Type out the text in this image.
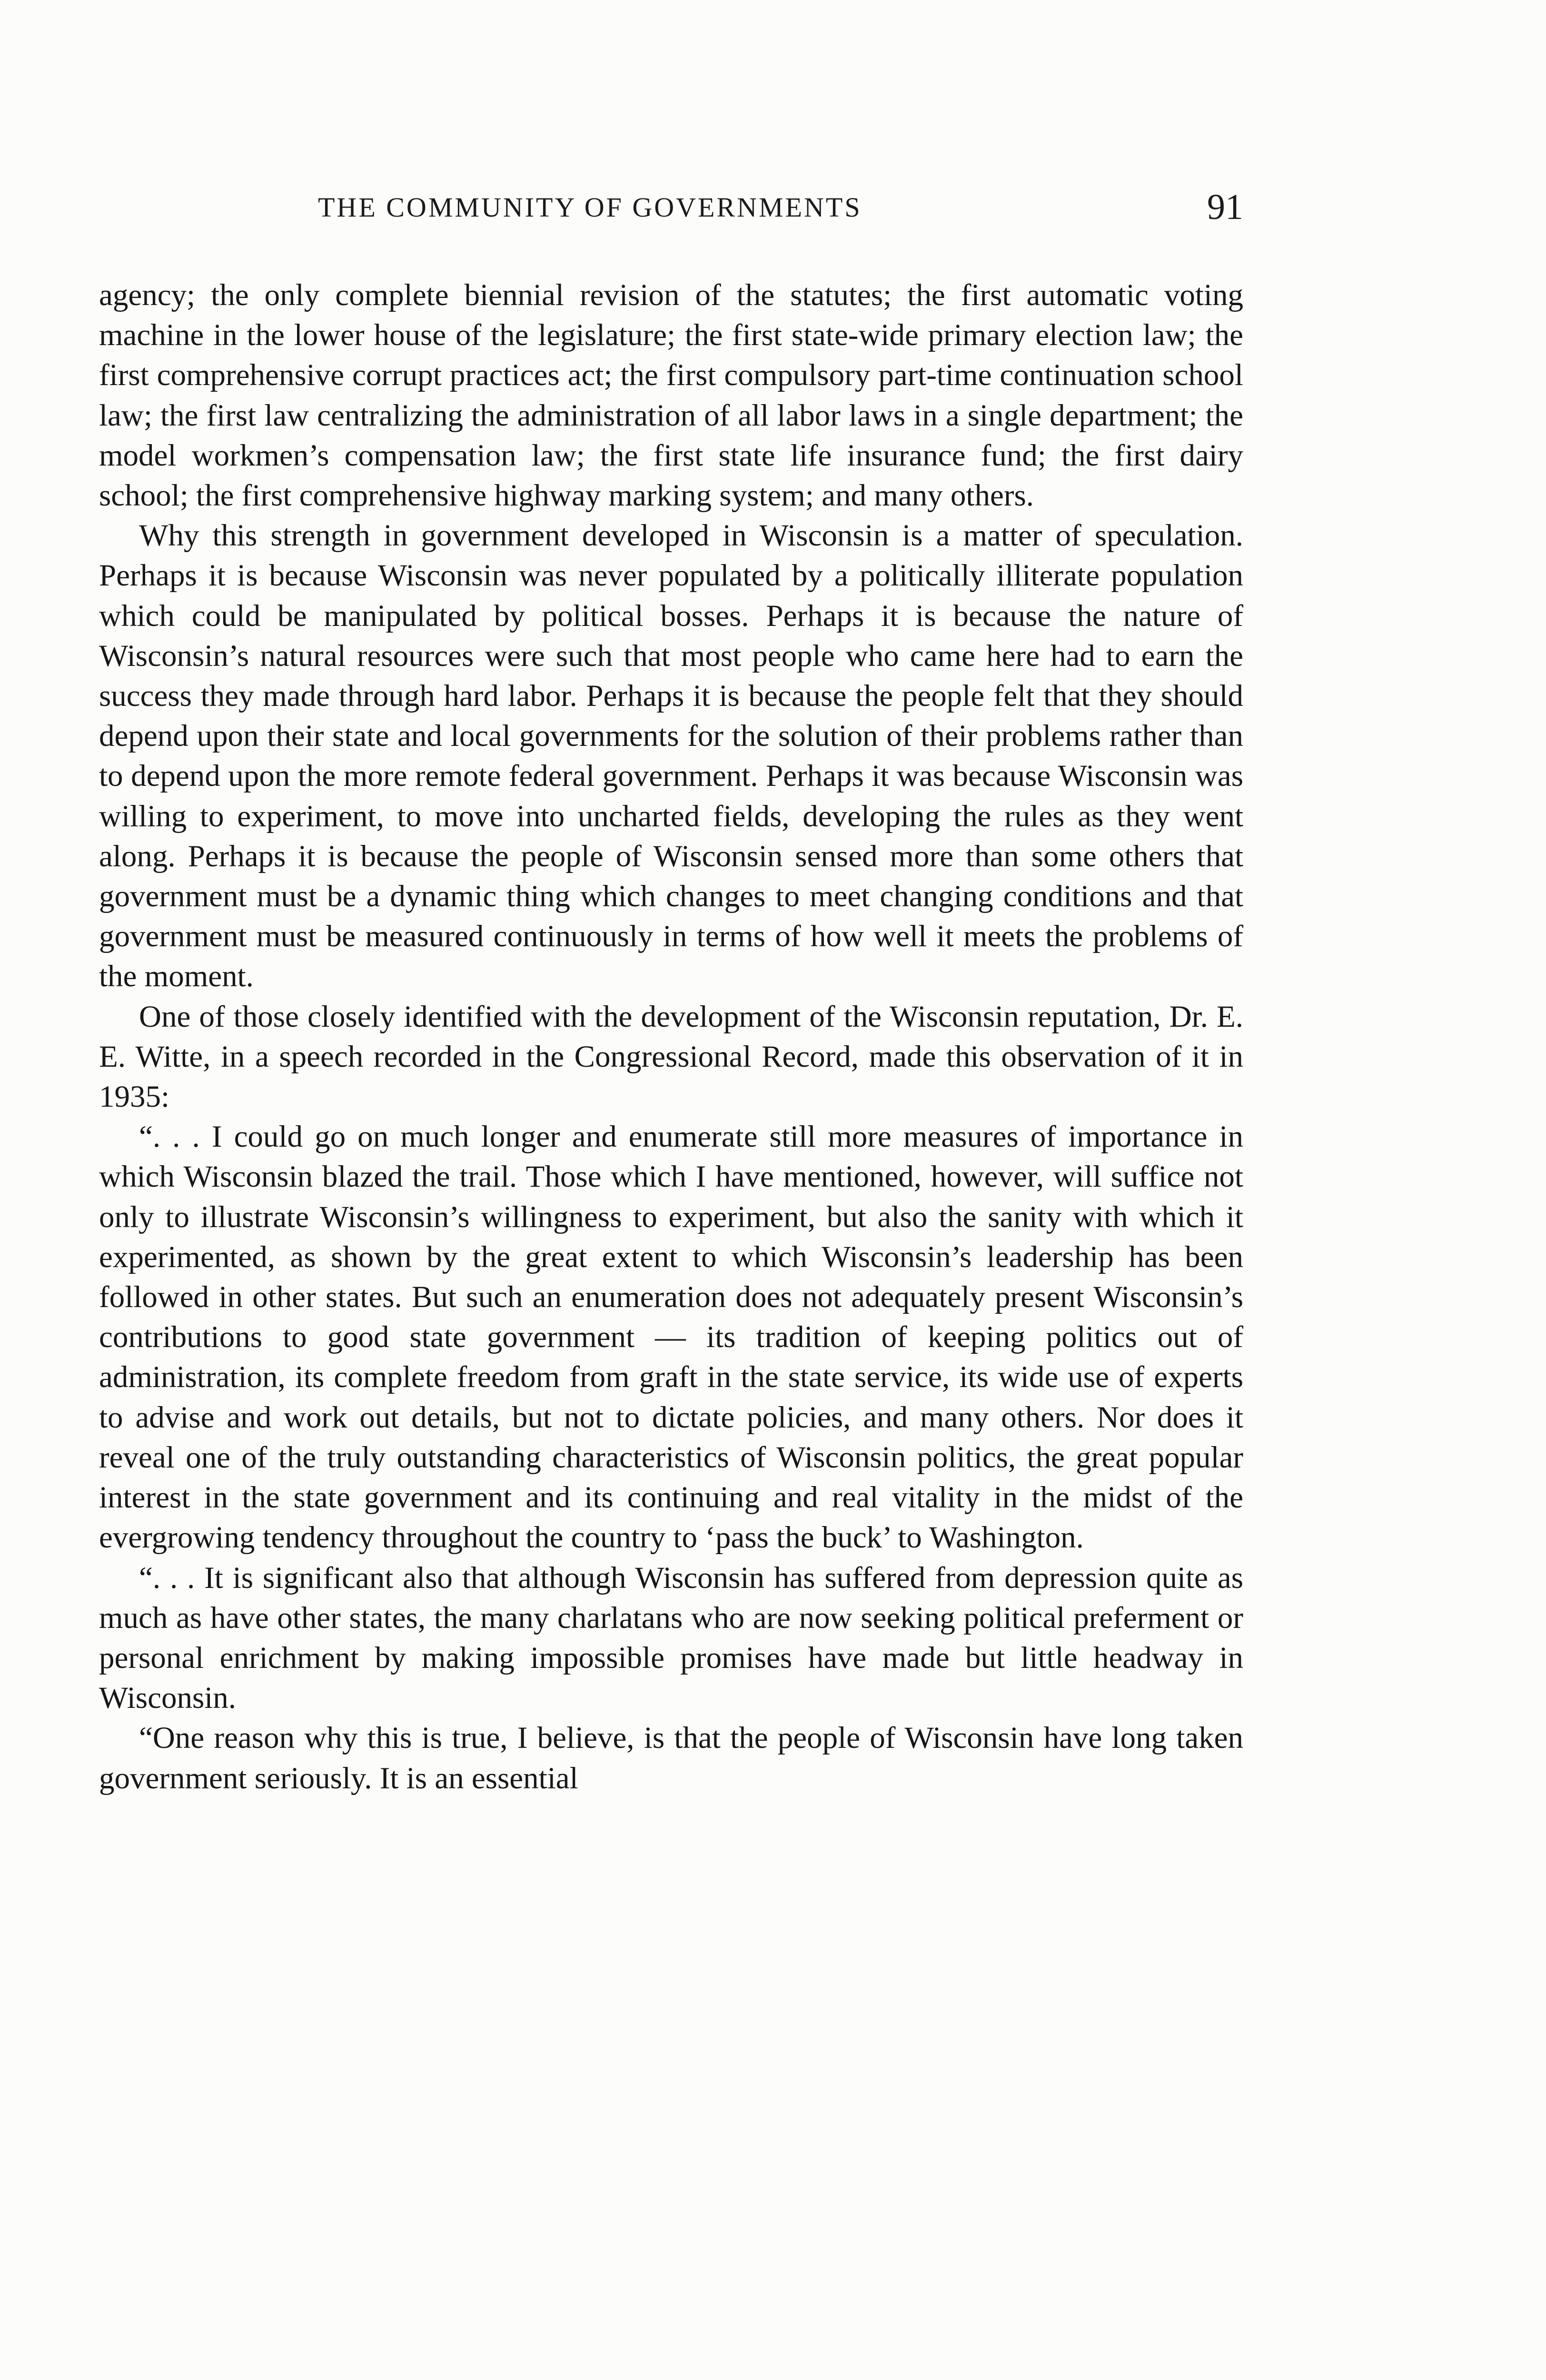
THE COMMUNITY OF GOVERNMENTS	91

agency; the only complete biennial revision of the statutes; the first automatic voting machine in the lower house of the legislature; the first state-wide primary election law; the first comprehensive corrupt practices act; the first compulsory part-time continuation school law; the first law centralizing the administration of all labor laws in a single department; the model workmen’s compensation law; the first state life insurance fund; the first dairy school; the first comprehensive highway marking system; and many others.

Why this strength in government developed in Wisconsin is a matter of speculation. Perhaps it is because Wisconsin was never populated by a politically illiterate population which could be manipulated by political bosses. Perhaps it is because the nature of Wisconsin’s natural resources were such that most people who came here had to earn the success they made through hard labor. Perhaps it is because the people felt that they should depend upon their state and local governments for the solution of their problems rather than to depend upon the more remote federal government. Perhaps it was because Wisconsin was willing to experiment, to move into uncharted fields, developing the rules as they went along. Perhaps it is because the people of Wisconsin sensed more than some others that government must be a dynamic thing which changes to meet changing conditions and that government must be measured continuously in terms of how well it meets the problems of the moment.

One of those closely identified with the development of the Wisconsin reputation, Dr. E. E. Witte, in a speech recorded in the Congressional Record, made this observation of it in 1935:

“. . . I could go on much longer and enumerate still more measures of importance in which Wisconsin blazed the trail. Those which I have mentioned, however, will suffice not only to illustrate Wisconsin’s willingness to experiment, but also the sanity with which it experimented, as shown by the great extent to which Wisconsin’s leadership has been followed in other states. But such an enumeration does not adequately present Wisconsin’s contributions to good state government — its tradition of keeping politics out of administration, its complete freedom from graft in the state service, its wide use of experts to advise and work out details, but not to dictate policies, and many others. Nor does it reveal one of the truly outstanding characteristics of Wisconsin politics, the great popular interest in the state government and its continuing and real vitality in the midst of the evergrowing tendency throughout the country to ‘pass the buck’ to Washington.

“. . . It is significant also that although Wisconsin has suffered from depression quite as much as have other states, the many charlatans who are now seeking political preferment or personal enrichment by making impossible promises have made but little headway in Wisconsin.

“One reason why this is true, I believe, is that the people of Wisconsin have long taken government seriously. It is an essential
